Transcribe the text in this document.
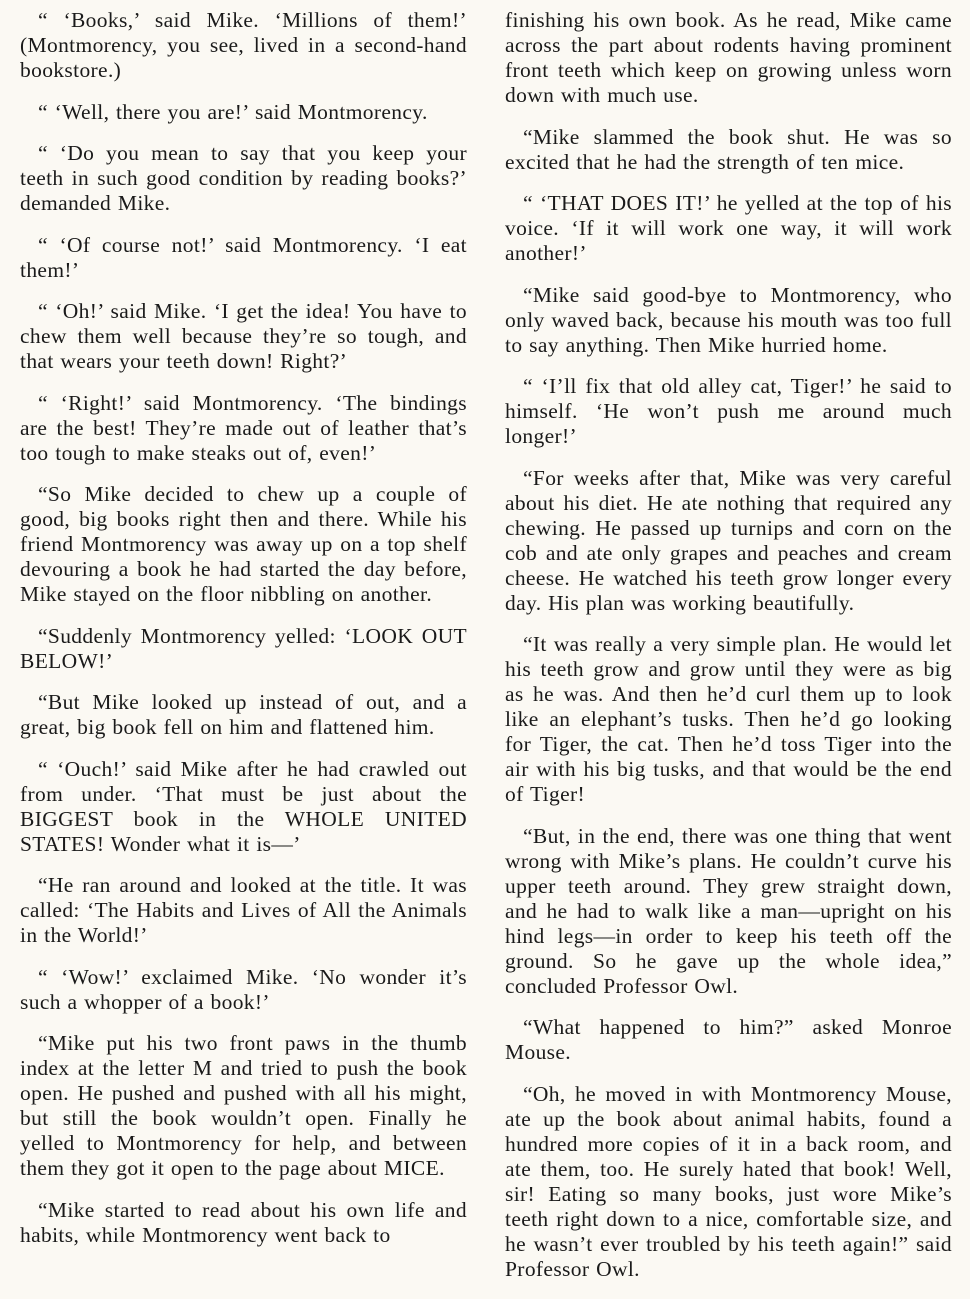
“ ‘Books,’ said Mike. ‘Millions of them!’ (Montmorency, you see, lived in a second-hand bookstore.)

“ ‘Well, there you are!’ said Montmorency.

“ ‘Do you mean to say that you keep your teeth in such good condition by reading books?’ demanded Mike.

“ ‘Of course not!’ said Montmorency. ‘I eat them!’

“ ‘Oh!’ said Mike. ‘I get the idea! You have to chew them well because they’re so tough, and that wears your teeth down! Right?’

“ ‘Right!’ said Montmorency. ‘The bindings are the best! They’re made out of leather that’s too tough to make steaks out of, even!’

“So Mike decided to chew up a couple of good, big books right then and there. While his friend Montmorency was away up on a top shelf devouring a book he had started the day before, Mike stayed on the floor nibbling on another.

“Suddenly Montmorency yelled: ‘LOOK OUT BELOW!’

“But Mike looked up instead of out, and a great, big book fell on him and flattened him.

“ ‘Ouch!’ said Mike after he had crawled out from under. ‘That must be just about the BIGGEST book in the WHOLE UNITED STATES! Wonder what it is—’

“He ran around and looked at the title. It was called: ‘The Habits and Lives of All the Animals in the World!’

“ ‘Wow!’ exclaimed Mike. ‘No wonder it’s such a whopper of a book!’

“Mike put his two front paws in the thumb index at the letter M and tried to push the book open. He pushed and pushed with all his might, but still the book wouldn’t open. Finally he yelled to Montmorency for help, and between them they got it open to the page about MICE.

“Mike started to read about his own life and habits, while Montmorency went back to

finishing his own book. As he read, Mike came across the part about rodents having prominent front teeth which keep on growing unless worn down with much use.

“Mike slammed the book shut. He was so excited that he had the strength of ten mice.

“ ‘THAT DOES IT!’ he yelled at the top of his voice. ‘If it will work one way, it will work another!’

“Mike said good-bye to Montmorency, who only waved back, because his mouth was too full to say anything. Then Mike hurried home.

“ ‘I’ll fix that old alley cat, Tiger!’ he said to himself. ‘He won’t push me around much longer!’

“For weeks after that, Mike was very careful about his diet. He ate nothing that required any chewing. He passed up turnips and corn on the cob and ate only grapes and peaches and cream cheese. He watched his teeth grow longer every day. His plan was working beautifully.

“It was really a very simple plan. He would let his teeth grow and grow until they were as big as he was. And then he’d curl them up to look like an elephant’s tusks. Then he’d go looking for Tiger, the cat. Then he’d toss Tiger into the air with his big tusks, and that would be the end of Tiger!

“But, in the end, there was one thing that went wrong with Mike’s plans. He couldn’t curve his upper teeth around. They grew straight down, and he had to walk like a man—upright on his hind legs—in order to keep his teeth off the ground. So he gave up the whole idea,” concluded Professor Owl.

“What happened to him?” asked Monroe Mouse.

“Oh, he moved in with Montmorency Mouse, ate up the book about animal habits, found a hundred more copies of it in a back room, and ate them, too. He surely hated that book! Well, sir! Eating so many books, just wore Mike’s teeth right down to a nice, comfortable size, and he wasn’t ever troubled by his teeth again!” said Professor Owl.
